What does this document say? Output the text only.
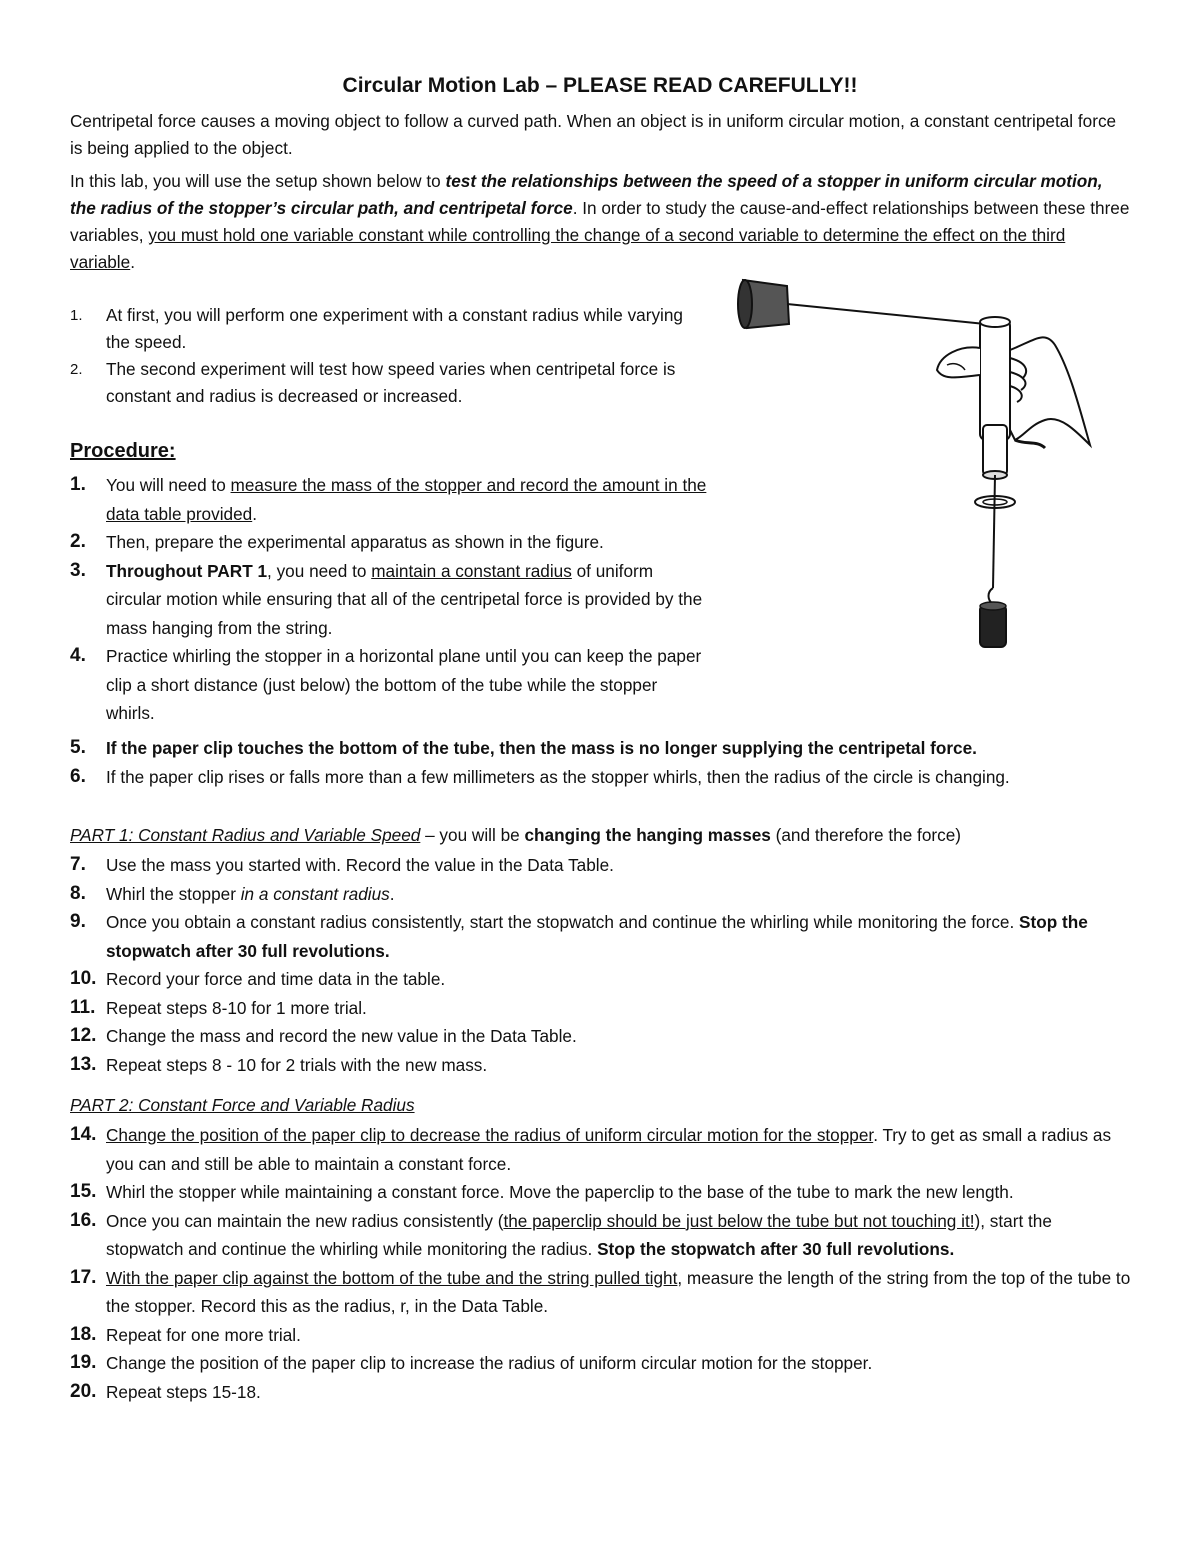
Circular Motion Lab – PLEASE READ CAREFULLY!!

Centripetal force causes a moving object to follow a curved path. When an object is in uniform circular motion, a constant centripetal force is being applied to the object.

In this lab, you will use the setup shown below to test the relationships between the speed of a stopper in uniform circular motion, the radius of the stopper’s circular path, and centripetal force. In order to study the cause-and-effect relationships between these three variables, you must hold one variable constant while controlling the change of a second variable to determine the effect on the third variable.

1. At first, you will perform one experiment with a constant radius while varying the speed.
2. The second experiment will test how speed varies when centripetal force is constant and radius is decreased or increased.
Procedure:
1. You will need to measure the mass of the stopper and record the amount in the data table provided.
2. Then, prepare the experimental apparatus as shown in the figure.
3. Throughout PART 1, you need to maintain a constant radius of uniform circular motion while ensuring that all of the centripetal force is provided by the mass hanging from the string.
4. Practice whirling the stopper in a horizontal plane until you can keep the paper clip a short distance (just below) the bottom of the tube while the stopper whirls.
5. If the paper clip touches the bottom of the tube, then the mass is no longer supplying the centripetal force.
6. If the paper clip rises or falls more than a few millimeters as the stopper whirls, then the radius of the circle is changing.

PART 1: Constant Radius and Variable Speed – you will be changing the hanging masses (and therefore the force)

7. Use the mass you started with. Record the value in the Data Table.
8. Whirl the stopper in a constant radius.
9. Once you obtain a constant radius consistently, start the stopwatch and continue the whirling while monitoring the force. Stop the stopwatch after 30 full revolutions.
10. Record your force and time data in the table.
11. Repeat steps 8-10 for 1 more trial.
12. Change the mass and record the new value in the Data Table.
13. Repeat steps 8 - 10 for 2 trials with the new mass.

PART 2: Constant Force and Variable Radius

14. Change the position of the paper clip to decrease the radius of uniform circular motion for the stopper. Try to get as small a radius as you can and still be able to maintain a constant force.
15. Whirl the stopper while maintaining a constant force. Move the paperclip to the base of the tube to mark the new length.
16. Once you can maintain the new radius consistently (the paperclip should be just below the tube but not touching it!), start the stopwatch and continue the whirling while monitoring the radius. Stop the stopwatch after 30 full revolutions.
17. With the paper clip against the bottom of the tube and the string pulled tight, measure the length of the string from the top of the tube to the stopper. Record this as the radius, r, in the Data Table.
18. Repeat for one more trial.
19. Change the position of the paper clip to increase the radius of uniform circular motion for the stopper.
20. Repeat steps 15-18.
